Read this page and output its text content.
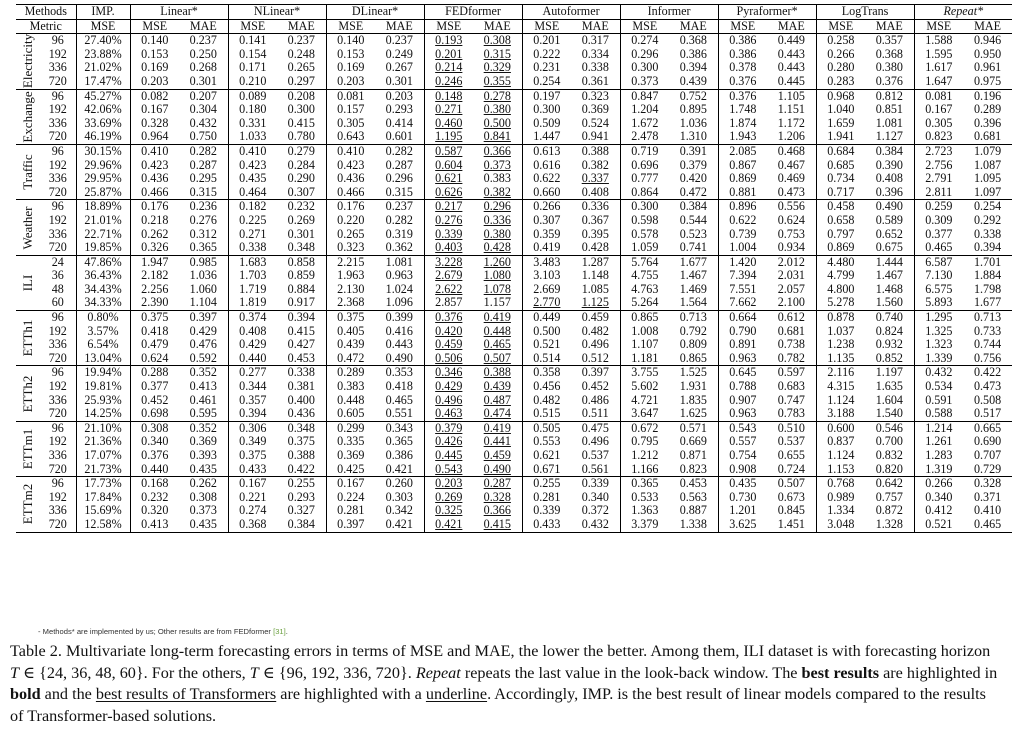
Methods		IMP.	Linear*		NLinear*		DLinear*		FEDformer		Autoformer		Informer		Pyraformer*		LogTrans		Repeat*	
Metric		MSE	MSE	MAE	MSE	MAE	MSE	MAE	MSE	MAE	MSE	MAE	MSE	MAE	MSE	MAE	MSE	MAE	MSE	MAE

Electricity	96	27.40%	0.140	0.237	0.141	0.237	0.140	0.237	0.193	0.308	0.201	0.317	0.274	0.368	0.386	0.449	0.258	0.357	1.588	0.946
	192	23.88%	0.153	0.250	0.154	0.248	0.153	0.249	0.201	0.315	0.222	0.334	0.296	0.386	0.386	0.443	0.266	0.368	1.595	0.950
	336	21.02%	0.169	0.268	0.171	0.265	0.169	0.267	0.214	0.329	0.231	0.338	0.300	0.394	0.378	0.443	0.280	0.380	1.617	0.961
	720	17.47%	0.203	0.301	0.210	0.297	0.203	0.301	0.246	0.355	0.254	0.361	0.373	0.439	0.376	0.445	0.283	0.376	1.647	0.975

Exchange	96	45.27%	0.082	0.207	0.089	0.208	0.081	0.203	0.148	0.278	0.197	0.323	0.847	0.752	0.376	1.105	0.968	0.812	0.081	0.196
	192	42.06%	0.167	0.304	0.180	0.300	0.157	0.293	0.271	0.380	0.300	0.369	1.204	0.895	1.748	1.151	1.040	0.851	0.167	0.289
	336	33.69%	0.328	0.432	0.331	0.415	0.305	0.414	0.460	0.500	0.509	0.524	1.672	1.036	1.874	1.172	1.659	1.081	0.305	0.396
	720	46.19%	0.964	0.750	1.033	0.780	0.643	0.601	1.195	0.841	1.447	0.941	2.478	1.310	1.943	1.206	1.941	1.127	0.823	0.681

Traffic	96	30.15%	0.410	0.282	0.410	0.279	0.410	0.282	0.587	0.366	0.613	0.388	0.719	0.391	2.085	0.468	0.684	0.384	2.723	1.079
	192	29.96%	0.423	0.287	0.423	0.284	0.423	0.287	0.604	0.373	0.616	0.382	0.696	0.379	0.867	0.467	0.685	0.390	2.756	1.087
	336	29.95%	0.436	0.295	0.435	0.290	0.436	0.296	0.621	0.383	0.622	0.337	0.777	0.420	0.869	0.469	0.734	0.408	2.791	1.095
	720	25.87%	0.466	0.315	0.464	0.307	0.466	0.315	0.626	0.382	0.660	0.408	0.864	0.472	0.881	0.473	0.717	0.396	2.811	1.097

Weather	96	18.89%	0.176	0.236	0.182	0.232	0.176	0.237	0.217	0.296	0.266	0.336	0.300	0.384	0.896	0.556	0.458	0.490	0.259	0.254
	192	21.01%	0.218	0.276	0.225	0.269	0.220	0.282	0.276	0.336	0.307	0.367	0.598	0.544	0.622	0.624	0.658	0.589	0.309	0.292
	336	22.71%	0.262	0.312	0.271	0.301	0.265	0.319	0.339	0.380	0.359	0.395	0.578	0.523	0.739	0.753	0.797	0.652	0.377	0.338
	720	19.85%	0.326	0.365	0.338	0.348	0.323	0.362	0.403	0.428	0.419	0.428	1.059	0.741	1.004	0.934	0.869	0.675	0.465	0.394

ILI	24	47.86%	1.947	0.985	1.683	0.858	2.215	1.081	3.228	1.260	3.483	1.287	5.764	1.677	1.420	2.012	4.480	1.444	6.587	1.701
	36	36.43%	2.182	1.036	1.703	0.859	1.963	0.963	2.679	1.080	3.103	1.148	4.755	1.467	7.394	2.031	4.799	1.467	7.130	1.884
	48	34.43%	2.256	1.060	1.719	0.884	2.130	1.024	2.622	1.078	2.669	1.085	4.763	1.469	7.551	2.057	4.800	1.468	6.575	1.798
	60	34.33%	2.390	1.104	1.819	0.917	2.368	1.096	2.857	1.157	2.770	1.125	5.264	1.564	7.662	2.100	5.278	1.560	5.893	1.677

ETTh1	96	0.80%	0.375	0.397	0.374	0.394	0.375	0.399	0.376	0.419	0.449	0.459	0.865	0.713	0.664	0.612	0.878	0.740	1.295	0.713
	192	3.57%	0.418	0.429	0.408	0.415	0.405	0.416	0.420	0.448	0.500	0.482	1.008	0.792	0.790	0.681	1.037	0.824	1.325	0.733
	336	6.54%	0.479	0.476	0.429	0.427	0.439	0.443	0.459	0.465	0.521	0.496	1.107	0.809	0.891	0.738	1.238	0.932	1.323	0.744
	720	13.04%	0.624	0.592	0.440	0.453	0.472	0.490	0.506	0.507	0.514	0.512	1.181	0.865	0.963	0.782	1.135	0.852	1.339	0.756

ETTh2	96	19.94%	0.288	0.352	0.277	0.338	0.289	0.353	0.346	0.388	0.358	0.397	3.755	1.525	0.645	0.597	2.116	1.197	0.432	0.422
	192	19.81%	0.377	0.413	0.344	0.381	0.383	0.418	0.429	0.439	0.456	0.452	5.602	1.931	0.788	0.683	4.315	1.635	0.534	0.473
	336	25.93%	0.452	0.461	0.357	0.400	0.448	0.465	0.496	0.487	0.482	0.486	4.721	1.835	0.907	0.747	1.124	1.604	0.591	0.508
	720	14.25%	0.698	0.595	0.394	0.436	0.605	0.551	0.463	0.474	0.515	0.511	3.647	1.625	0.963	0.783	3.188	1.540	0.588	0.517

ETTm1	96	21.10%	0.308	0.352	0.306	0.348	0.299	0.343	0.379	0.419	0.505	0.475	0.672	0.571	0.543	0.510	0.600	0.546	1.214	0.665
	192	21.36%	0.340	0.369	0.349	0.375	0.335	0.365	0.426	0.441	0.553	0.496	0.795	0.669	0.557	0.537	0.837	0.700	1.261	0.690
	336	17.07%	0.376	0.393	0.375	0.388	0.369	0.386	0.445	0.459	0.621	0.537	1.212	0.871	0.754	0.655	1.124	0.832	1.283	0.707
	720	21.73%	0.440	0.435	0.433	0.422	0.425	0.421	0.543	0.490	0.671	0.561	1.166	0.823	0.908	0.724	1.153	0.820	1.319	0.729

ETTm2	96	17.73%	0.168	0.262	0.167	0.255	0.167	0.260	0.203	0.287	0.255	0.339	0.365	0.453	0.435	0.507	0.768	0.642	0.266	0.328
	192	17.84%	0.232	0.308	0.221	0.293	0.224	0.303	0.269	0.328	0.281	0.340	0.533	0.563	0.730	0.673	0.989	0.757	0.340	0.371
	336	15.69%	0.320	0.373	0.274	0.327	0.281	0.342	0.325	0.366	0.339	0.372	1.363	0.887	1.201	0.845	1.334	0.872	0.412	0.410
	720	12.58%	0.413	0.435	0.368	0.384	0.397	0.421	0.421	0.415	0.433	0.432	3.379	1.338	3.625	1.451	3.048	1.328	0.521	0.465
- Methods* are implemented by us; Other results are from FEDformer [31].
Table 2. Multivariate long-term forecasting errors in terms of MSE and MAE, the lower the better. Among them, ILI dataset is with forecasting horizon T ∈ {24, 36, 48, 60}. For the others, T ∈ {96, 192, 336, 720}. Repeat repeats the last value in the look-back window. The best results are highlighted in bold and the best results of Transformers are highlighted with a underline. Accordingly, IMP. is the best result of linear models compared to the results of Transformer-based solutions.
